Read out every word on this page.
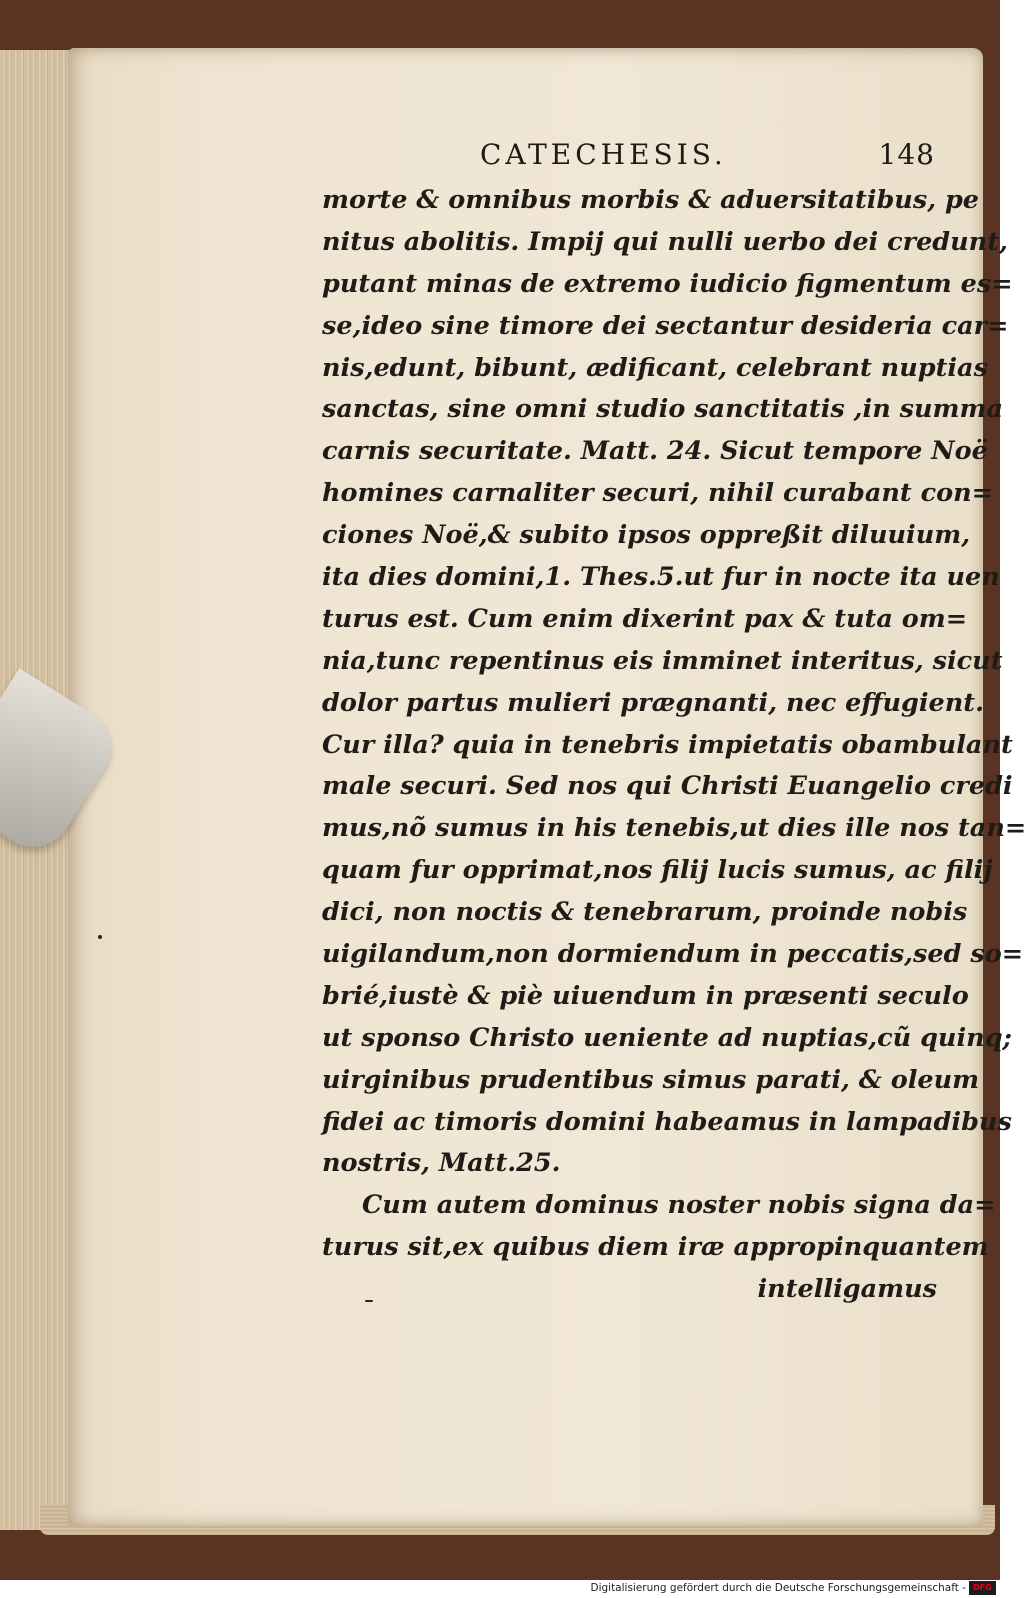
CATECHESIS.	148
morte & omnibus morbis & aduersitatibus, pe
nitus abolitis. Impij qui nulli uerbo dei credunt,
putant minas de extremo iudicio figmentum es=
se,ideo sine timore dei sectantur desideria car=
nis,edunt, bibunt, ædificant, celebrant nuptias
sanctas, sine omni studio sanctitatis ,in summa
carnis securitate. Matt. 24. Sicut tempore Noë
homines carnaliter securi, nihil curabant con=
ciones Noë,& subito ipsos oppreßit diluuium,
ita dies domini,1. Thes.5.ut fur in nocte ita uen
turus est. Cum enim dixerint pax & tuta om=
nia,tunc repentinus eis imminet interitus, sicut
dolor partus mulieri prægnanti, nec effugient.
Cur illa? quia in tenebris impietatis obambulant
male securi. Sed nos qui Christi Euangelio credi
mus,nõ sumus in his tenebis,ut dies ille nos tan=
quam fur opprimat,nos filij lucis sumus, ac filij
dici, non noctis & tenebrarum, proinde nobis
uigilandum,non dormiendum in peccatis,sed so=
brié,iustè & piè uiuendum in præsenti seculo
ut sponso Christo ueniente ad nuptias,cũ quinq;
uirginibus prudentibus simus parati, & oleum
fidei ac timoris domini habeamus in lampadibus
nostris, Matt.25.
Cum autem dominus noster nobis signa da=
turus sit,ex quibus diem iræ appropinquantem
intelligamus
Digitalisierung gefördert durch die Deutsche Forschungsgemeinschaft - DFG
